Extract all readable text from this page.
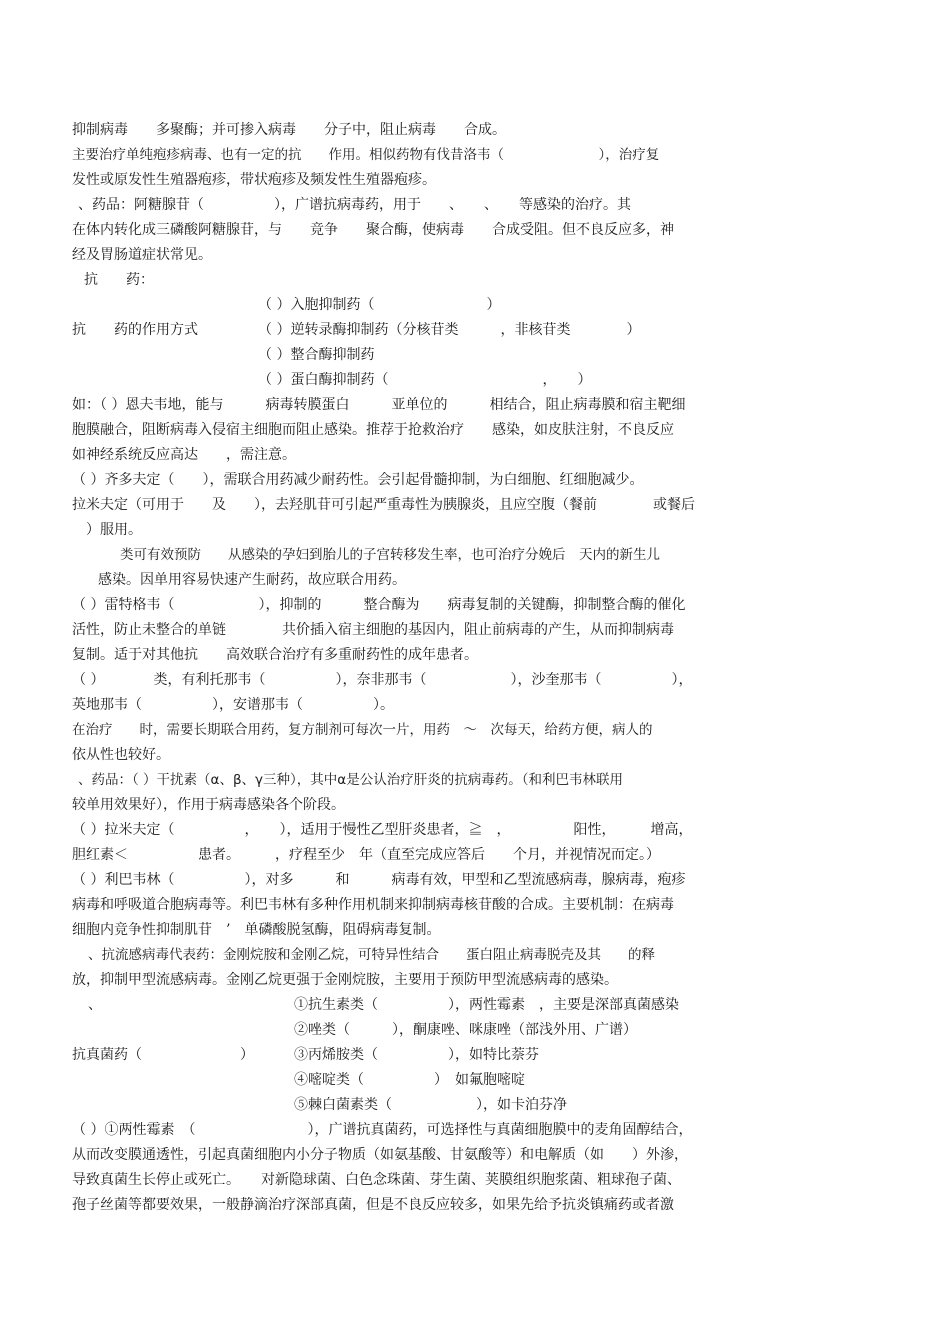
抑制病毒　　多聚酶；并可掺入病毒　　分子中，阻止病毒　　合成。
主要治疗单纯疱疹病毒、也有一定的抗　　作用。相似药物有伐昔洛韦（　　　　　　　），治疗复
发性或原发性生殖器疱疹，带状疱疹及频发性生殖器疱疹。
、药品：阿糖腺苷（　　　　　），广谱抗病毒药，用于　　、　　、　　等感染的治疗。其
在体内转化成三磷酸阿糖腺苷，与　　竞争　　聚合酶，使病毒　　合成受阻。但不良反应多，神
经及胃肠道症状常见。
抗　　药：
（ ）入胞抑制药（　　　　　　　　）
抗　　药的作用方式	（ ）逆转录酶抑制药（分核苷类　　　，非核苷类　　　　）
（ ）整合酶抑制药
（ ）蛋白酶抑制药（　　　　　　　　　　　，　　）
如：（ ）恩夫韦地，能与　　　病毒转膜蛋白　　　亚单位的　　　相结合，阻止病毒膜和宿主靶细
胞膜融合，阻断病毒入侵宿主细胞而阻止感染。推荐于抢救治疗　　感染，如皮肤注射，不良反应
如神经系统反应高达　　，需注意。
（ ）齐多夫定（　　），需联合用药减少耐药性。会引起骨髓抑制，为白细胞、红细胞减少。
拉米夫定（可用于　　及　　），去羟肌苷可引起严重毒性为胰腺炎，且应空腹（餐前　　　　或餐后
）服用。
类可有效预防　　从感染的孕妇到胎儿的子宫转移发生率，也可治疗分娩后　天内的新生儿
感染。因单用容易快速产生耐药，故应联合用药。
（ ）雷特格韦（　　　　　　），抑制的　　　整合酶为　　病毒复制的关键酶，抑制整合酶的催化
活性，防止未整合的单链　　　　共价插入宿主细胞的基因内，阻止前病毒的产生，从而抑制病毒
复制。适于对其他抗　　高效联合治疗有多重耐药性的成年患者。
（ ）　　　　类，有利托那韦（　　　　　），奈非那韦（　　　　　　），沙奎那韦（　　　　　），
英地那韦（　　　　　），安谱那韦（　　　　　）。
在治疗　　时，需要长期联合用药，复方制剂可每次一片，用药　～　次每天，给药方便，病人的
依从性也较好。
、药品：（ ）干扰素（α、β、γ三种），其中α是公认治疗肝炎的抗病毒药。（和利巴韦林联用
较单用效果好），作用于病毒感染各个阶段。
（ ）拉米夫定（　　　　　，　　），适用于慢性乙型肝炎患者，≧　，　　　　　阳性，　　　增高，
胆红素＜　　　　　患者。　　　，疗程至少　年（直至完成应答后　　个月，并视情况而定。）
（ ）利巴韦林（　　　　　），对多　　　和　　　病毒有效，甲型和乙型流感病毒，腺病毒，疱疹
病毒和呼吸道合胞病毒等。利巴韦林有多种作用机制来抑制病毒核苷酸的合成。主要机制：在病毒
细胞内竞争性抑制肌苷　’　单磷酸脱氢酶，阻碍病毒复制。
、抗流感病毒代表药：金刚烷胺和金刚乙烷，可特异性结合　　蛋白阻止病毒脱壳及其　　的释
放，抑制甲型流感病毒。金刚乙烷更强于金刚烷胺，主要用于预防甲型流感病毒的感染。
、	①抗生素类（　　　　　），两性霉素　，主要是深部真菌感染
②唑类（　　　），酮康唑、咪康唑（部浅外用、广谱）
抗真菌药（　　　　　　　）	③丙烯胺类（　　　　　），如特比萘芬
④嘧啶类（　　　　　）　如氟胞嘧啶
⑤棘白菌素类（　　　　　　），如卡泊芬净
（ ）①两性霉素　（　　　　　　　　），广谱抗真菌药，可选择性与真菌细胞膜中的麦角固醇结合，
从而改变膜通透性，引起真菌细胞内小分子物质（如氨基酸、甘氨酸等）和电解质（如　　）外渗，
导致真菌生长停止或死亡。　　对新隐球菌、白色念珠菌、芽生菌、荚膜组织胞浆菌、粗球孢子菌、
孢子丝菌等都要效果，一般静滴治疗深部真菌，但是不良反应较多，如果先给予抗炎镇痛药或者激
